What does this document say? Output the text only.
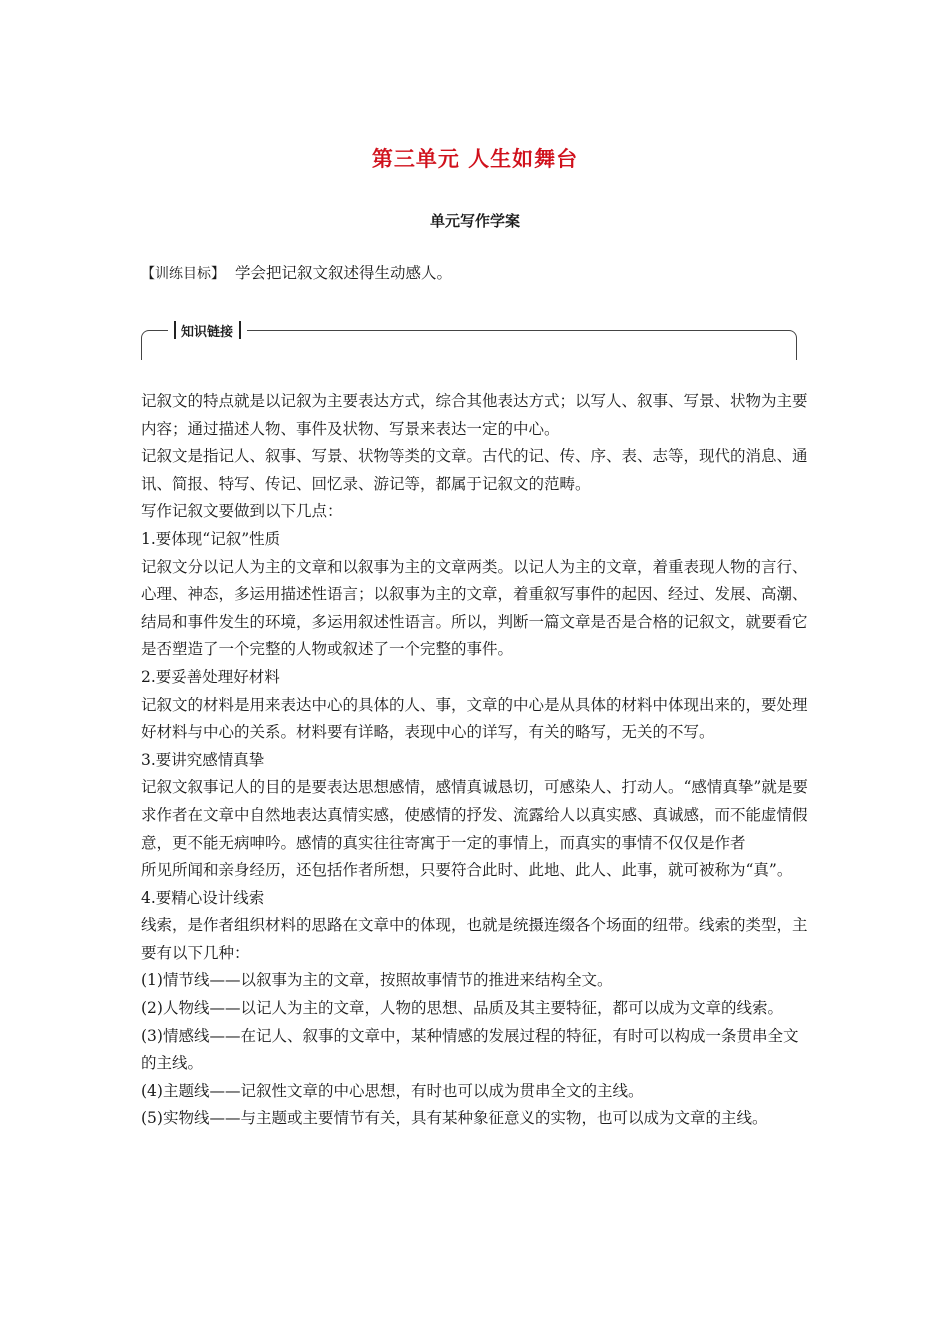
第三单元 人生如舞台
单元写作学案
【训练目标】 学会把记叙文叙述得生动感人。
知识链接

记叙文的特点就是以记叙为主要表达方式，综合其他表达方式；以写人、叙事、写景、状物为主要内容；通过描述人物、事件及状物、写景来表达一定的中心。

记叙文是指记人、叙事、写景、状物等类的文章。古代的记、传、序、表、志等，现代的消息、通讯、简报、特写、传记、回忆录、游记等，都属于记叙文的范畴。

写作记叙文要做到以下几点：

1.要体现“记叙”性质

记叙文分以记人为主的文章和以叙事为主的文章两类。以记人为主的文章，着重表现人物的言行、心理、神态，多运用描述性语言；以叙事为主的文章，着重叙写事件的起因、经过、发展、高潮、结局和事件发生的环境，多运用叙述性语言。所以，判断一篇文章是否是合格的记叙文，就要看它是否塑造了一个完整的人物或叙述了一个完整的事件。

2.要妥善处理好材料

记叙文的材料是用来表达中心的具体的人、事，文章的中心是从具体的材料中体现出来的，要处理好材料与中心的关系。材料要有详略，表现中心的详写，有关的略写，无关的不写。

3.要讲究感情真挚

记叙文叙事记人的目的是要表达思想感情，感情真诚恳切，可感染人、打动人。“感情真挚”就是要求作者在文章中自然地表达真情实感，使感情的抒发、流露给人以真实感、真诚感，而不能虚情假意，更不能无病呻吟。感情的真实往往寄寓于一定的事情上，而真实的事情不仅仅是作者

所见所闻和亲身经历，还包括作者所想，只要符合此时、此地、此人、此事，就可被称为“真”。

4.要精心设计线索

线索，是作者组织材料的思路在文章中的体现，也就是统摄连缀各个场面的纽带。线索的类型，主要有以下几种：

(1)情节线——以叙事为主的文章，按照故事情节的推进来结构全文。

(2)人物线——以记人为主的文章，人物的思想、品质及其主要特征，都可以成为文章的线索。

(3)情感线——在记人、叙事的文章中，某种情感的发展过程的特征，有时可以构成一条贯串全文的主线。

(4)主题线——记叙性文章的中心思想，有时也可以成为贯串全文的主线。

(5)实物线——与主题或主要情节有关，具有某种象征意义的实物，也可以成为文章的主线。
